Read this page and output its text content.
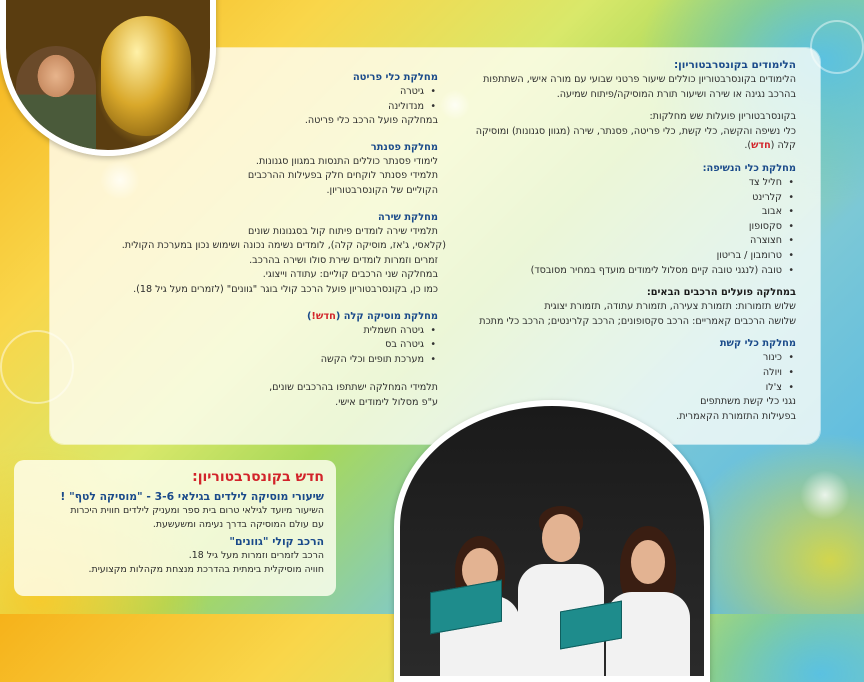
הלימודים בקונסרבטוריון:

הלימודים בקונסרבטוריון כוללים שיעור פרטני שבועי עם מורה אישי, השתתפות בהרכב נגינה או שירה ושיעור תורת המוסיקה/פיתוח שמיעה.

בקונסרבטוריון פועלות שש מחלקות:

כלי נשיפה והקשה, כלי קשת, כלי פריטה, פסנתר, שירה (מגוון סגנונות) ומוסיקה קלה (חדש).

מחלקת כלי הנשיפה:
• חליל צד
• קלרינט
• אבוב
• סקסופון
• חצוצרה
• טרומבון / בריטון
• טובה (לנגני טובה קיים מסלול לימודים מועדף במחיר מסובסד)
במחלקה פועלים הרכבים הבאים:

שלוש תזמורות: תזמורת צעירה, תזמורת עתודה, תזמורת יצוגית

שלושה הרכבים קאמריים: הרכב סקסופונים; הרכב קלרינטים; הרכב כלי מתכת

מחלקת כלי קשת
• כינור
• ויולה
• צ'לו

נגני כלי קשת משתתפים

בפעילות התזמורת הקאמרית.

מחלקת כלי פריטה
• גיטרה
• מנדולינה

במחלקה פועל הרכב כלי פריטה.

מחלקת פסנתר

לימודי פסנתר כוללים התנסות במגוון סגנונות.

תלמידי פסנתר לוקחים חלק בפעילות ההרכבים

הקוליים של הקונסרבטוריון.

מחלקת שירה

תלמידי שירה לומדים פיתוח קול בסגנונות שונים

(קלאסי, ג'אז, מוסיקה קלה), לומדים נשימה נכונה ושימוש נכון במערכת הקולית.

זמרים וזמרות לומדים שירת סולו ושירה בהרכב.

במחלקה שני הרכבים קוליים: עתודה וייצוגי.

כמו כן, בקונסרבטוריון פועל הרכב קולי בוגר "גוונים" (לזמרים מעל גיל 18).

מחלקת מוסיקה קלה (חדש!)
• גיטרה חשמלית
• גיטרה בס
• מערכת תופים וכלי הקשה

תלמידי המחלקה ישתתפו בהרכבים שונים,

ע"פ מסלול לימודים אישי.

חדש בקונסרבטוריון:
שיעורי מוסיקה לילדים בגילאי 3-6 - "מוסיקה לטף" !

השיעור מיועד לגילאי טרום בית ספר ומעניק לילדים חווית היכרות

עם עולם המוסיקה בדרך נעימה ומשעשעת.

הרכב קולי "גוונים"

הרכב לזמרים וזמרות מעל גיל 18.

חוויה מוסיקלית בימתית בהדרכת מנצחת מקהלות מקצועית.
